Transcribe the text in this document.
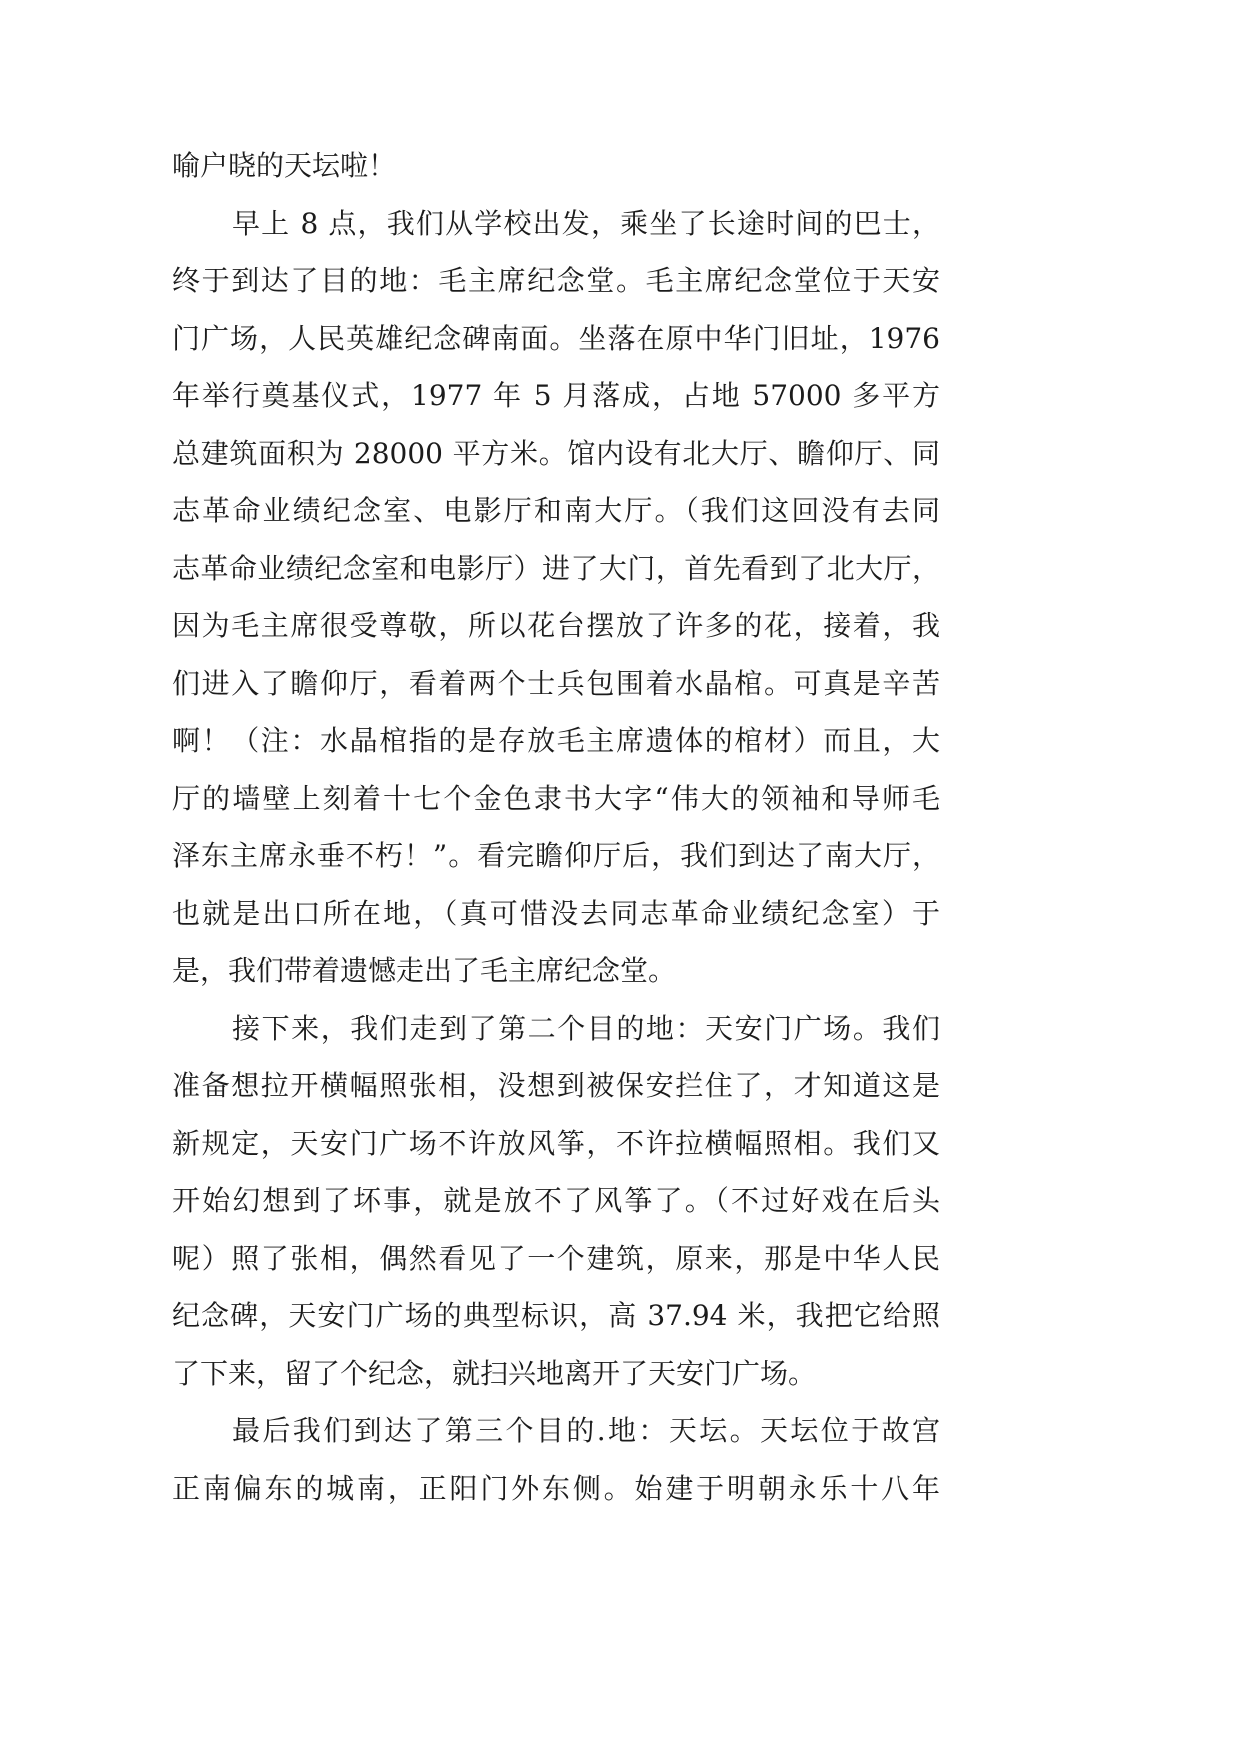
喻户晓的天坛啦！
早上 8 点，我们从学校出发，乘坐了长途时间的巴士，
终于到达了目的地：毛主席纪念堂。毛主席纪念堂位于天安
门广场，人民英雄纪念碑南面。坐落在原中华门旧址，1976
年举行奠基仪式，1977 年 5 月落成，占地 57000 多平方
总建筑面积为 28000 平方米。馆内设有北大厅、瞻仰厅、同
志革命业绩纪念室、电影厅和南大厅。（我们这回没有去同
志革命业绩纪念室和电影厅）进了大门，首先看到了北大厅，
因为毛主席很受尊敬，所以花台摆放了许多的花，接着，我
们进入了瞻仰厅，看着两个士兵包围着水晶棺。可真是辛苦
啊！（注：水晶棺指的是存放毛主席遗体的棺材）而且，大
厅的墙壁上刻着十七个金色隶书大字“伟大的领袖和导师毛
泽东主席永垂不朽！”。看完瞻仰厅后，我们到达了南大厅，
也就是出口所在地，（真可惜没去同志革命业绩纪念室）于
是，我们带着遗憾走出了毛主席纪念堂。
接下来，我们走到了第二个目的地：天安门广场。我们
准备想拉开横幅照张相，没想到被保安拦住了，才知道这是
新规定，天安门广场不许放风筝，不许拉横幅照相。我们又
开始幻想到了坏事，就是放不了风筝了。（不过好戏在后头
呢）照了张相，偶然看见了一个建筑，原来，那是中华人民
纪念碑，天安门广场的典型标识，高 37.94 米，我把它给照
了下来，留了个纪念，就扫兴地离开了天安门广场。
最后我们到达了第三个目的.地：天坛。天坛位于故宫
正南偏东的城南，正阳门外东侧。始建于明朝永乐十八年
